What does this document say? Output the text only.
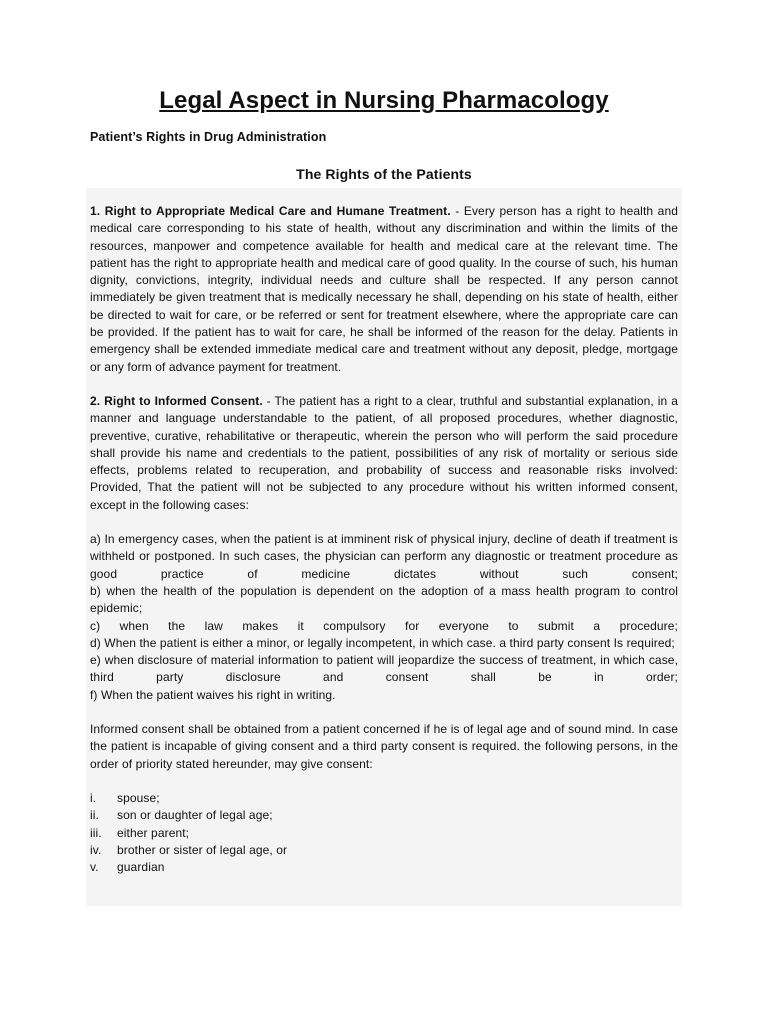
Legal Aspect in Nursing Pharmacology
Patient’s Rights in Drug Administration
The Rights of the Patients

1. Right to Appropriate Medical Care and Humane Treatment. - Every person has a right to health and medical care corresponding to his state of health, without any discrimination and within the limits of the resources, manpower and competence available for health and medical care at the relevant time. The patient has the right to appropriate health and medical care of good quality. In the course of such, his human dignity, convictions, integrity, individual needs and culture shall be respected. If any person cannot immediately be given treatment that is medically necessary he shall, depending on his state of health, either be directed to wait for care, or be referred or sent for treatment elsewhere, where the appropriate care can be provided. If the patient has to wait for care, he shall be informed of the reason for the delay. Patients in emergency shall be extended immediate medical care and treatment without any deposit, pledge, mortgage or any form of advance payment for treatment.

2. Right to Informed Consent. - The patient has a right to a clear, truthful and substantial explanation, in a manner and language understandable to the patient, of all proposed procedures, whether diagnostic, preventive, curative, rehabilitative or therapeutic, wherein the person who will perform the said procedure shall provide his name and credentials to the patient, possibilities of any risk of mortality or serious side effects, problems related to recuperation, and probability of success and reasonable risks involved: Provided, That the patient will not be subjected to any procedure without his written informed consent, except in the following cases:

a) In emergency cases, when the patient is at imminent risk of physical injury, decline of death if treatment is withheld or postponed. In such cases, the physician can perform any diagnostic or treatment procedure as good practice of medicine dictates without such consent;
b) when the health of the population is dependent on the adoption of a mass health program to control epidemic;
c) when the law makes it compulsory for everyone to submit a procedure;
d) When the patient is either a minor, or legally incompetent, in which case. a third party consent Is required;
e) when disclosure of material information to patient will jeopardize the success of treatment, in which case, third party disclosure and consent shall be in order;
f) When the patient waives his right in writing.

Informed consent shall be obtained from a patient concerned if he is of legal age and of sound mind. In case the patient is incapable of giving consent and a third party consent is required. the following persons, in the order of priority stated hereunder, may give consent:

i.	spouse;
ii.	son or daughter of legal age;
iii.	either parent;
iv.	brother or sister of legal age, or
v.	guardian
